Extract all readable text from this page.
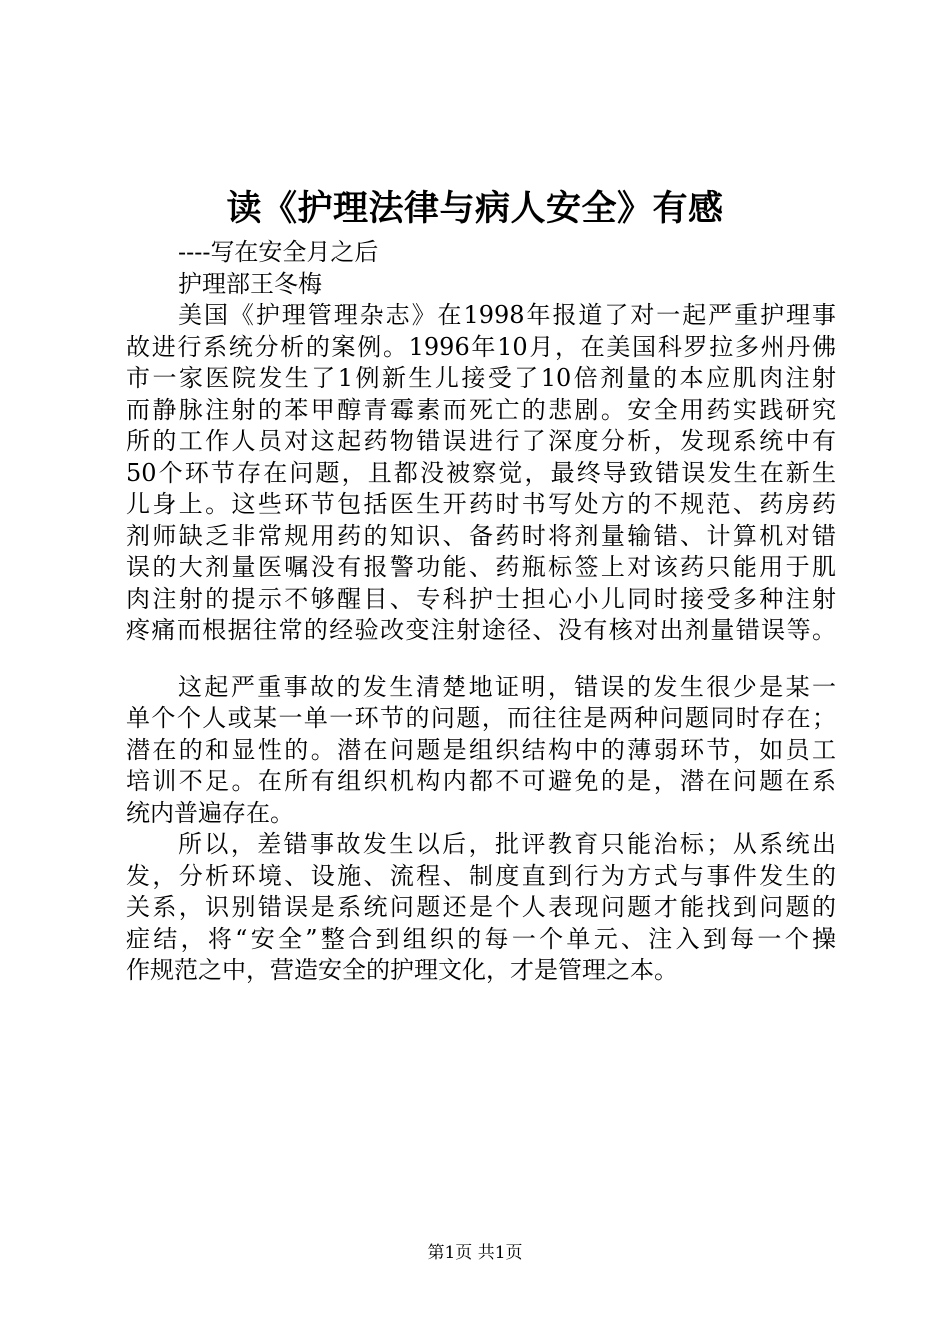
读《护理法律与病人安全》有感
----写在安全月之后
护理部王冬梅
美国《护理管理杂志》在1998年报道了对一起严重护理事
故进行系统分析的案例。1996年10月，在美国科罗拉多州丹佛
市一家医院发生了1例新生儿接受了10倍剂量的本应肌肉注射
而静脉注射的苯甲醇青霉素而死亡的悲剧。安全用药实践研究
所的工作人员对这起药物错误进行了深度分析，发现系统中有
50个环节存在问题，且都没被察觉，最终导致错误发生在新生
儿身上。这些环节包括医生开药时书写处方的不规范、药房药
剂师缺乏非常规用药的知识、备药时将剂量输错、计算机对错
误的大剂量医嘱没有报警功能、药瓶标签上对该药只能用于肌
肉注射的提示不够醒目、专科护士担心小儿同时接受多种注射
疼痛而根据往常的经验改变注射途径、没有核对出剂量错误等。
这起严重事故的发生清楚地证明，错误的发生很少是某一
单个个人或某一单一环节的问题，而往往是两种问题同时存在；
潜在的和显性的。潜在问题是组织结构中的薄弱环节，如员工
培训不足。在所有组织机构内都不可避免的是，潜在问题在系
统内普遍存在。
所以，差错事故发生以后，批评教育只能治标；从系统出
发，分析环境、设施、流程、制度直到行为方式与事件发生的
关系，识别错误是系统问题还是个人表现问题才能找到问题的
症结，将“安全”整合到组织的每一个单元、注入到每一个操
作规范之中，营造安全的护理文化，才是管理之本。
第1页 共1页
